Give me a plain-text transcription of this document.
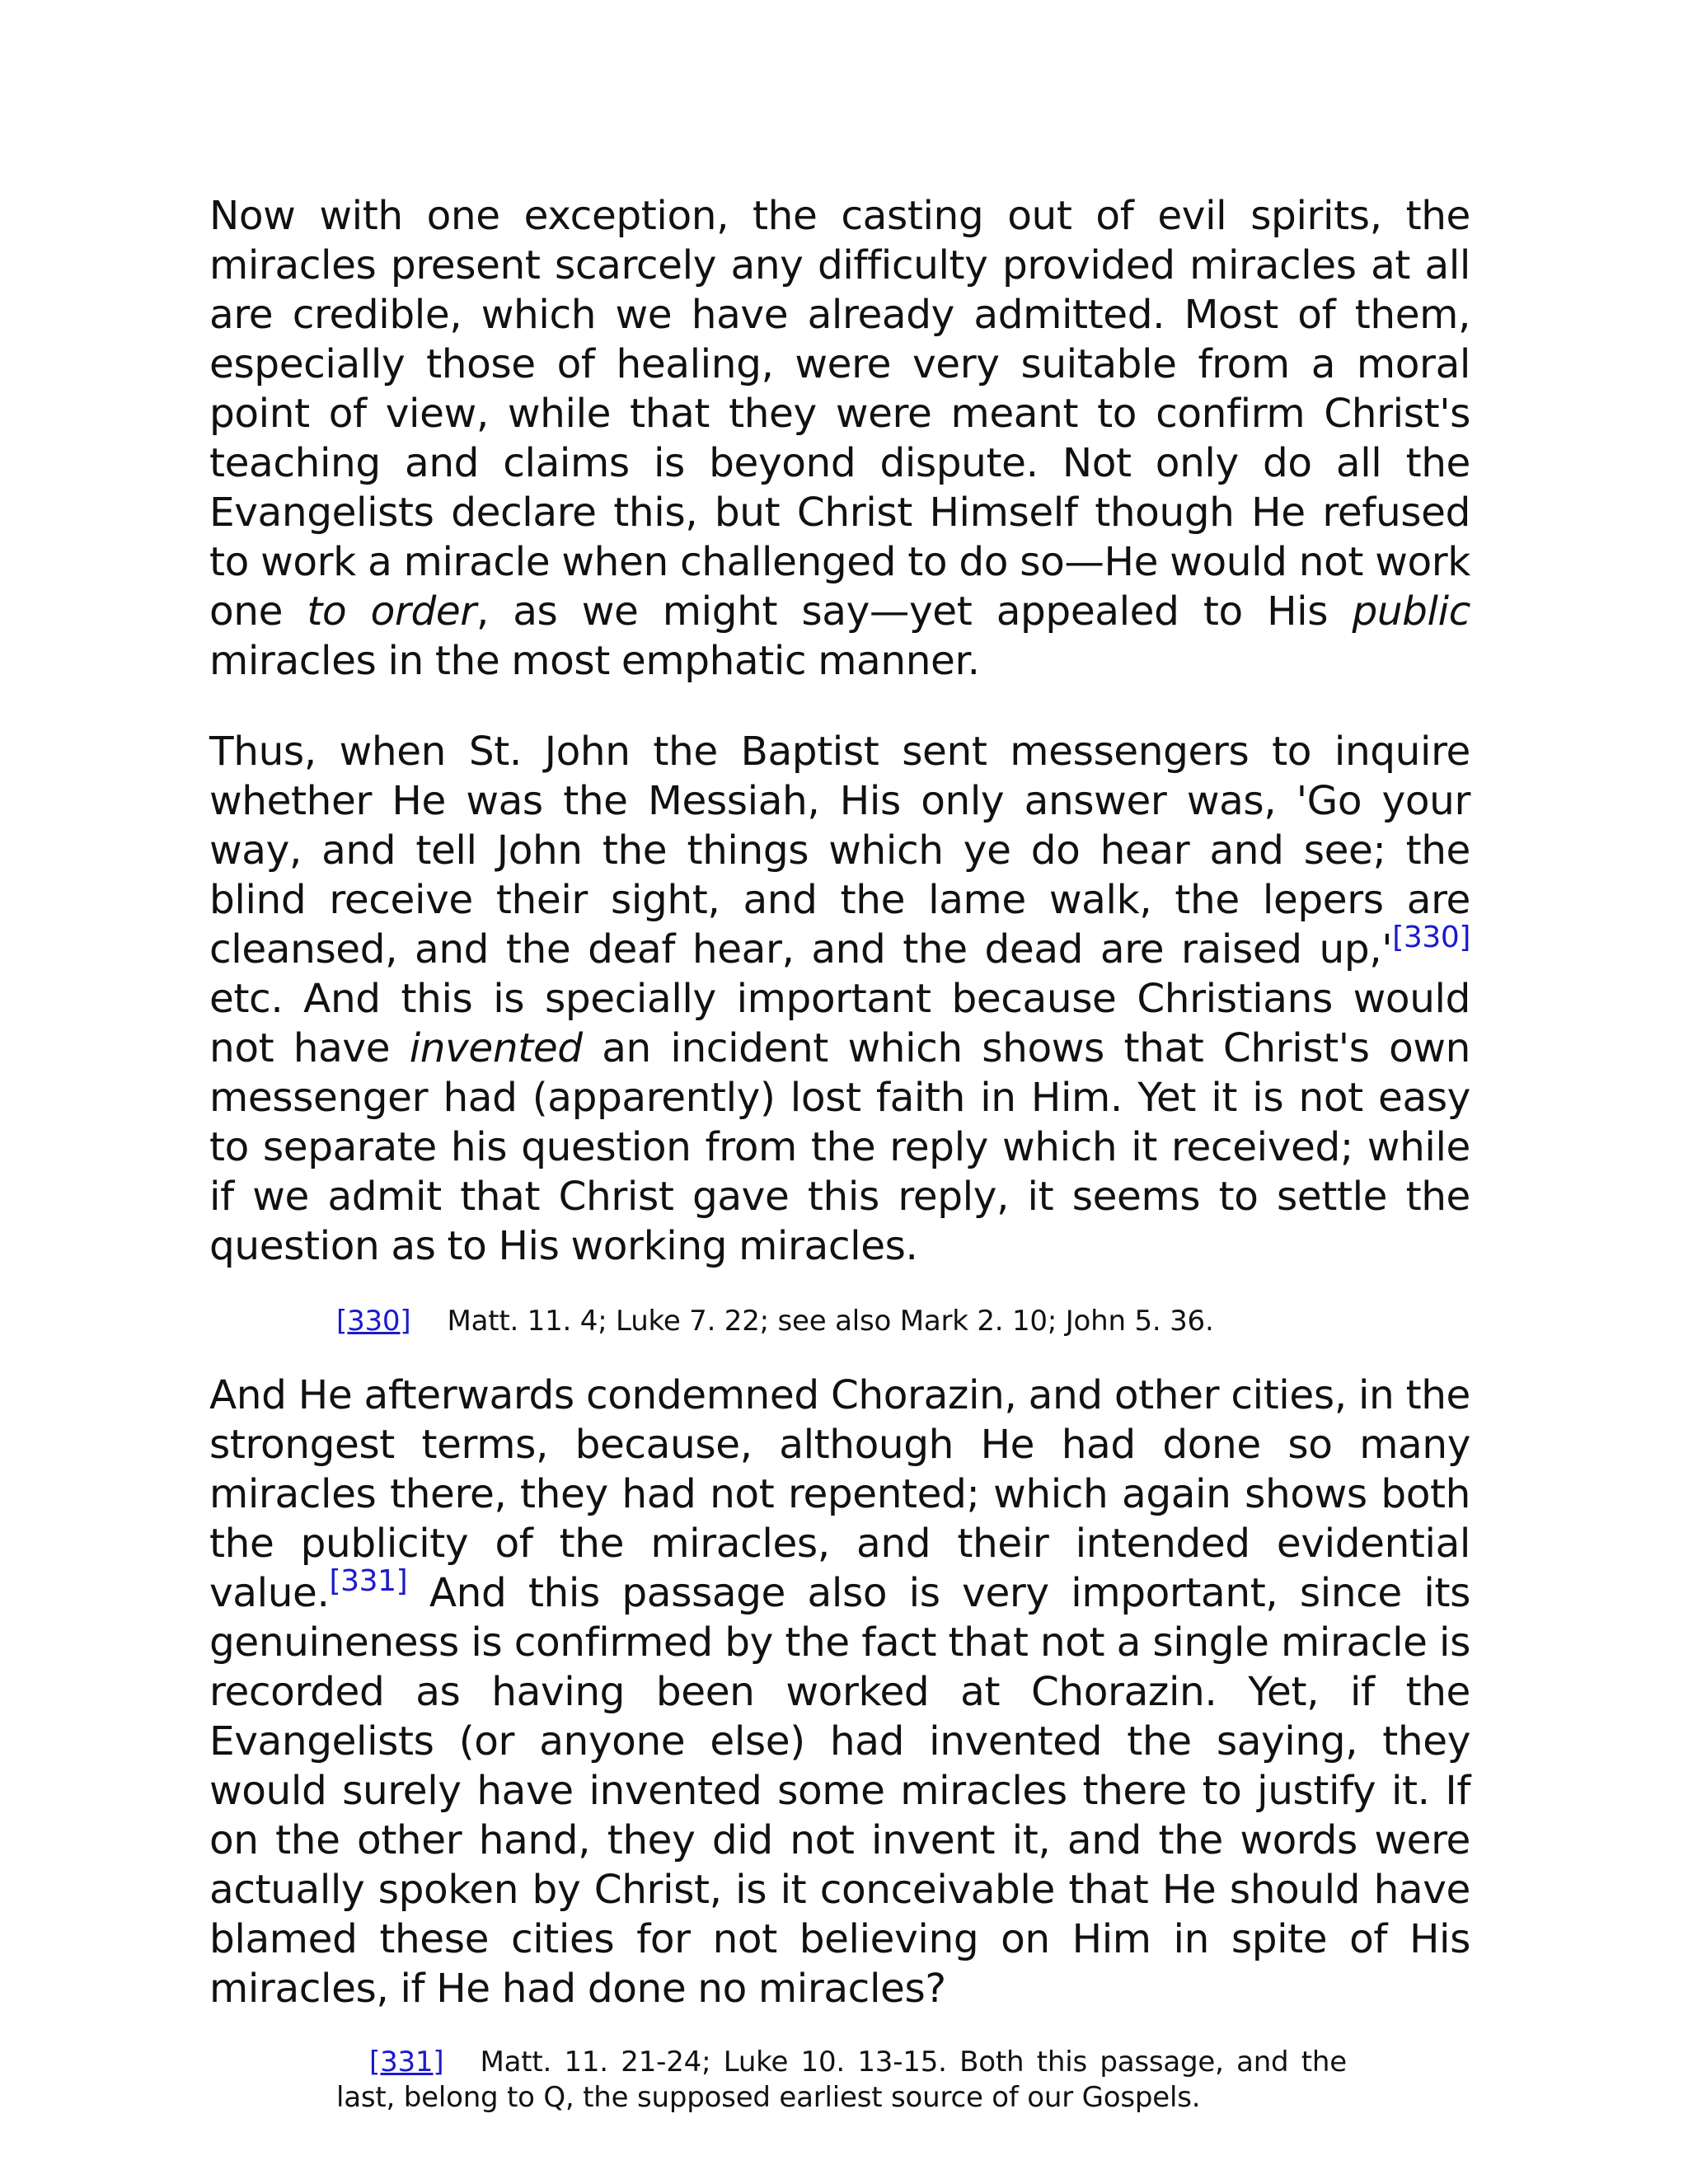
Now with one exception, the casting out of evil spirits, the miracles present scarcely any difficulty provided miracles at all are credible, which we have already admitted. Most of them, especially those of healing, were very suitable from a moral point of view, while that they were meant to confirm Christ's teaching and claims is beyond dispute. Not only do all the Evangelists declare this, but Christ Himself though He refused to work a miracle when challenged to do so—He would not work one to order, as we might say—yet appealed to His public miracles in the most emphatic manner.

Thus, when St. John the Baptist sent messengers to inquire whether He was the Messiah, His only answer was, 'Go your way, and tell John the things which ye do hear and see; the blind receive their sight, and the lame walk, the lepers are cleansed, and the deaf hear, and the dead are raised up,'[330] etc. And this is specially important because Christians would not have invented an incident which shows that Christ's own messenger had (apparently) lost faith in Him. Yet it is not easy to separate his question from the reply which it received; while if we admit that Christ gave this reply, it seems to settle the question as to His working miracles.

[330] Matt. 11. 4; Luke 7. 22; see also Mark 2. 10; John 5. 36.

And He afterwards condemned Chorazin, and other cities, in the strongest terms, because, although He had done so many miracles there, they had not repented; which again shows both the publicity of the miracles, and their intended evidential value.[331] And this passage also is very important, since its genuineness is confirmed by the fact that not a single miracle is recorded as having been worked at Chorazin. Yet, if the Evangelists (or anyone else) had invented the saying, they would surely have invented some miracles there to justify it. If on the other hand, they did not invent it, and the words were actually spoken by Christ, is it conceivable that He should have blamed these cities for not believing on Him in spite of His miracles, if He had done no miracles?

[331] Matt. 11. 21-24; Luke 10. 13-15. Both this passage, and the last, belong to Q, the supposed earliest source of our Gospels.
